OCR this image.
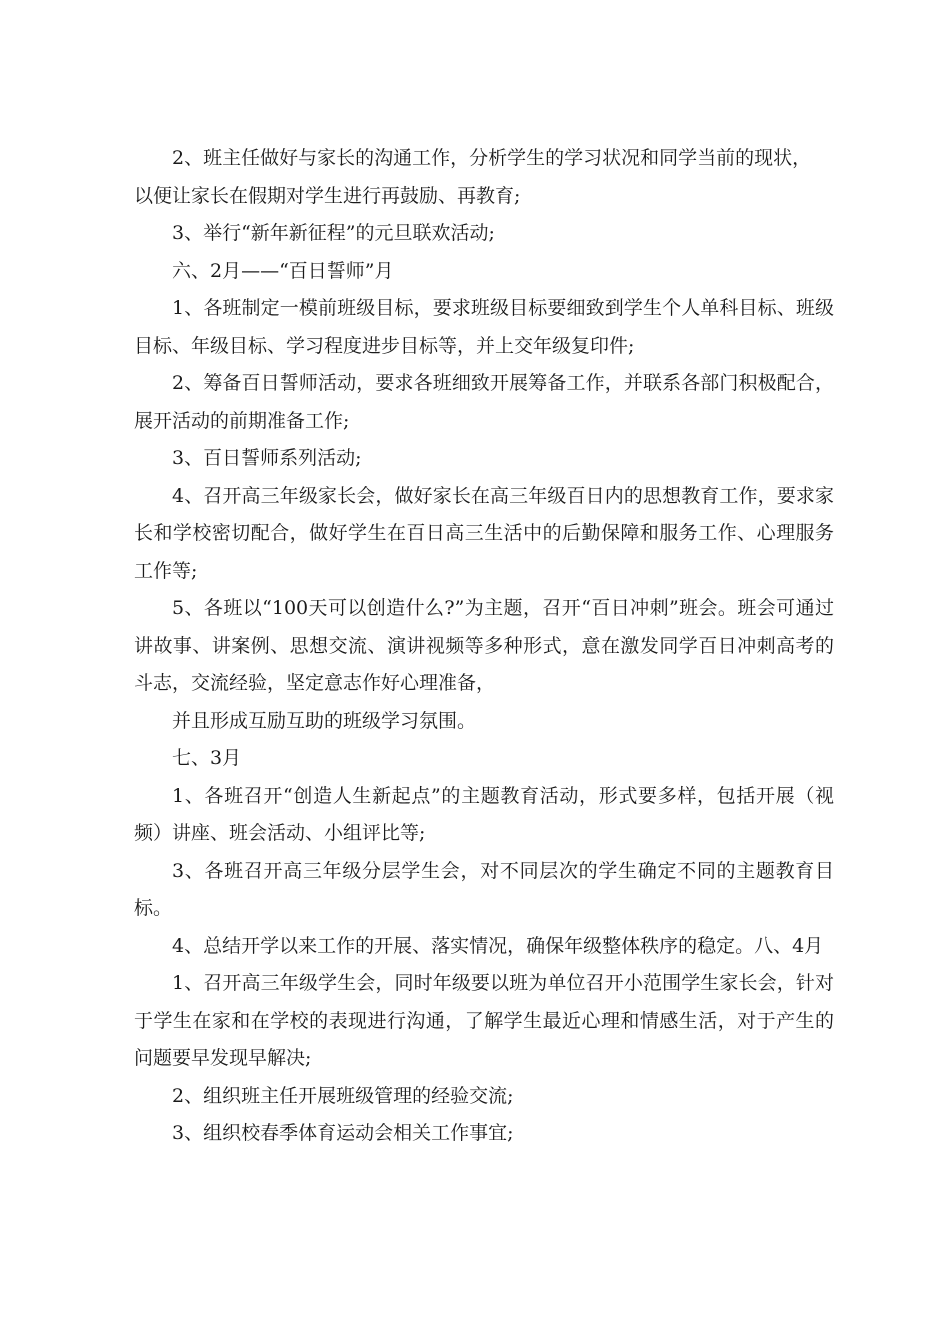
2、班主任做好与家长的沟通工作，分析学生的学习状况和同学当前的现状，

以便让家长在假期对学生进行再鼓励、再教育;

3、举行“新年新征程”的元旦联欢活动;

六、2月——“百日誓师”月

1、各班制定一模前班级目标，要求班级目标要细致到学生个人单科目标、班级目标、年级目标、学习程度进步目标等，并上交年级复印件;

2、筹备百日誓师活动，要求各班细致开展筹备工作，并联系各部门积极配合，展开活动的前期准备工作;

3、百日誓师系列活动;

4、召开高三年级家长会，做好家长在高三年级百日内的思想教育工作，要求家长和学校密切配合，做好学生在百日高三生活中的后勤保障和服务工作、心理服务工作等;

5、各班以“100天可以创造什么?”为主题，召开“百日冲刺”班会。班会可通过讲故事、讲案例、思想交流、演讲视频等多种形式，意在激发同学百日冲刺高考的斗志，交流经验，坚定意志作好心理准备，

并且形成互励互助的班级学习氛围。

七、3月

1、各班召开“创造人生新起点”的主题教育活动，形式要多样，包括开展（视频）讲座、班会活动、小组评比等;

3、各班召开高三年级分层学生会，对不同层次的学生确定不同的主题教育目标。

4、总结开学以来工作的开展、落实情况，确保年级整体秩序的稳定。八、4月

1、召开高三年级学生会，同时年级要以班为单位召开小范围学生家长会，针对于学生在家和在学校的表现进行沟通，了解学生最近心理和情感生活，对于产生的问题要早发现早解决;

2、组织班主任开展班级管理的经验交流;

3、组织校春季体育运动会相关工作事宜;
